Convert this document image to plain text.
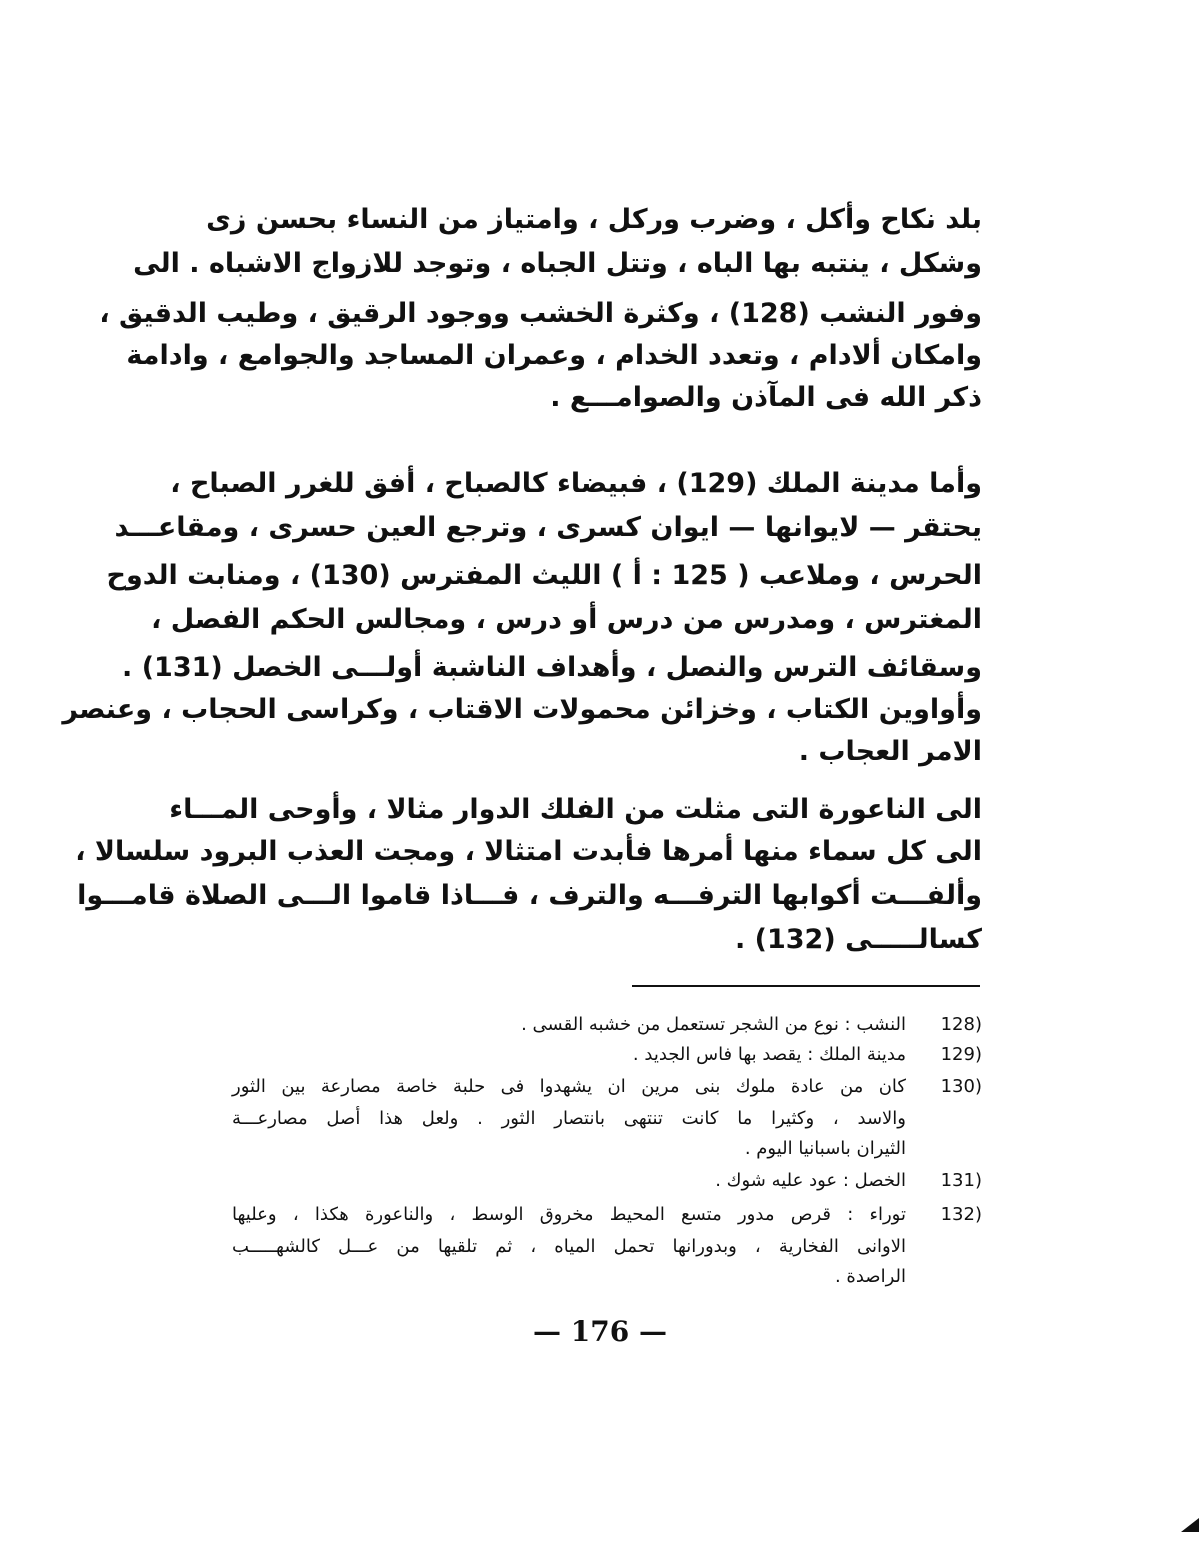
بلد نكاح وأكل ، وضرب وركل ، وامتياز من النساء بحسن زى
وشكل ، ينتبه بها الباه ، وتتل الجباه ، وتوجد للازواج الاشباه . الى
وفور النشب (128) ، وكثرة الخشب ووجود الرقيق ، وطيب الدقيق ،
وامكان ألادام ، وتعدد الخدام ، وعمران المساجد والجوامع ، وادامة
ذكر الله فى المآذن والصوامـــع .
وأما مدينة الملك (129) ، فبيضاء كالصباح ، أفق للغرر الصباح ،
يحتقر — لايوانها — ايوان كسرى ، وترجع العين حسرى ، ومقاعـــد
الحرس ، وملاعب ( 125 : أ ) الليث المفترس (130) ، ومنابت الدوح
المغترس ، ومدرس من درس أو درس ، ومجالس الحكم الفصل ،
وسقائف الترس والنصل ، وأهداف الناشبة أولـــى الخصل (131) .
وأواوين الكتاب ، وخزائن محمولات الاقتاب ، وكراسى الحجاب ، وعنصر
الامر العجاب .
الى الناعورة التى مثلت من الفلك الدوار مثالا ، وأوحى المـــاء
الى كل سماء منها أمرها فأبدت امتثالا ، ومجت العذب البرود سلسالا ،
وألفـــت أكوابها الترفـــه والترف ، فـــاذا قاموا الـــى الصلاة قامـــوا
كسالـــــى (132) .
128)
النشب : نوع من الشجر تستعمل من خشبه القسى .
129)
مدينة الملك : يقصد بها فاس الجديد .
130)
كان من عادة ملوك بنى مرين ان يشهدوا فى حلبة خاصة مصارعة بين الثور
والاسد ، وكثيرا ما كانت تنتهى بانتصار الثور . ولعل هذا أصل مصارعـــة
الثيران باسبانيا اليوم .
131)
الخصل : عود عليه شوك .
132)
توراء : قرص مدور متسع المحيط مخروق الوسط ، والناعورة هكذا ، وعليها
الاوانى الفخارية ، وبدورانها تحمل المياه ، ثم تلقيها من عـــل كالشهـــــب
الراصدة .
— 176 —
